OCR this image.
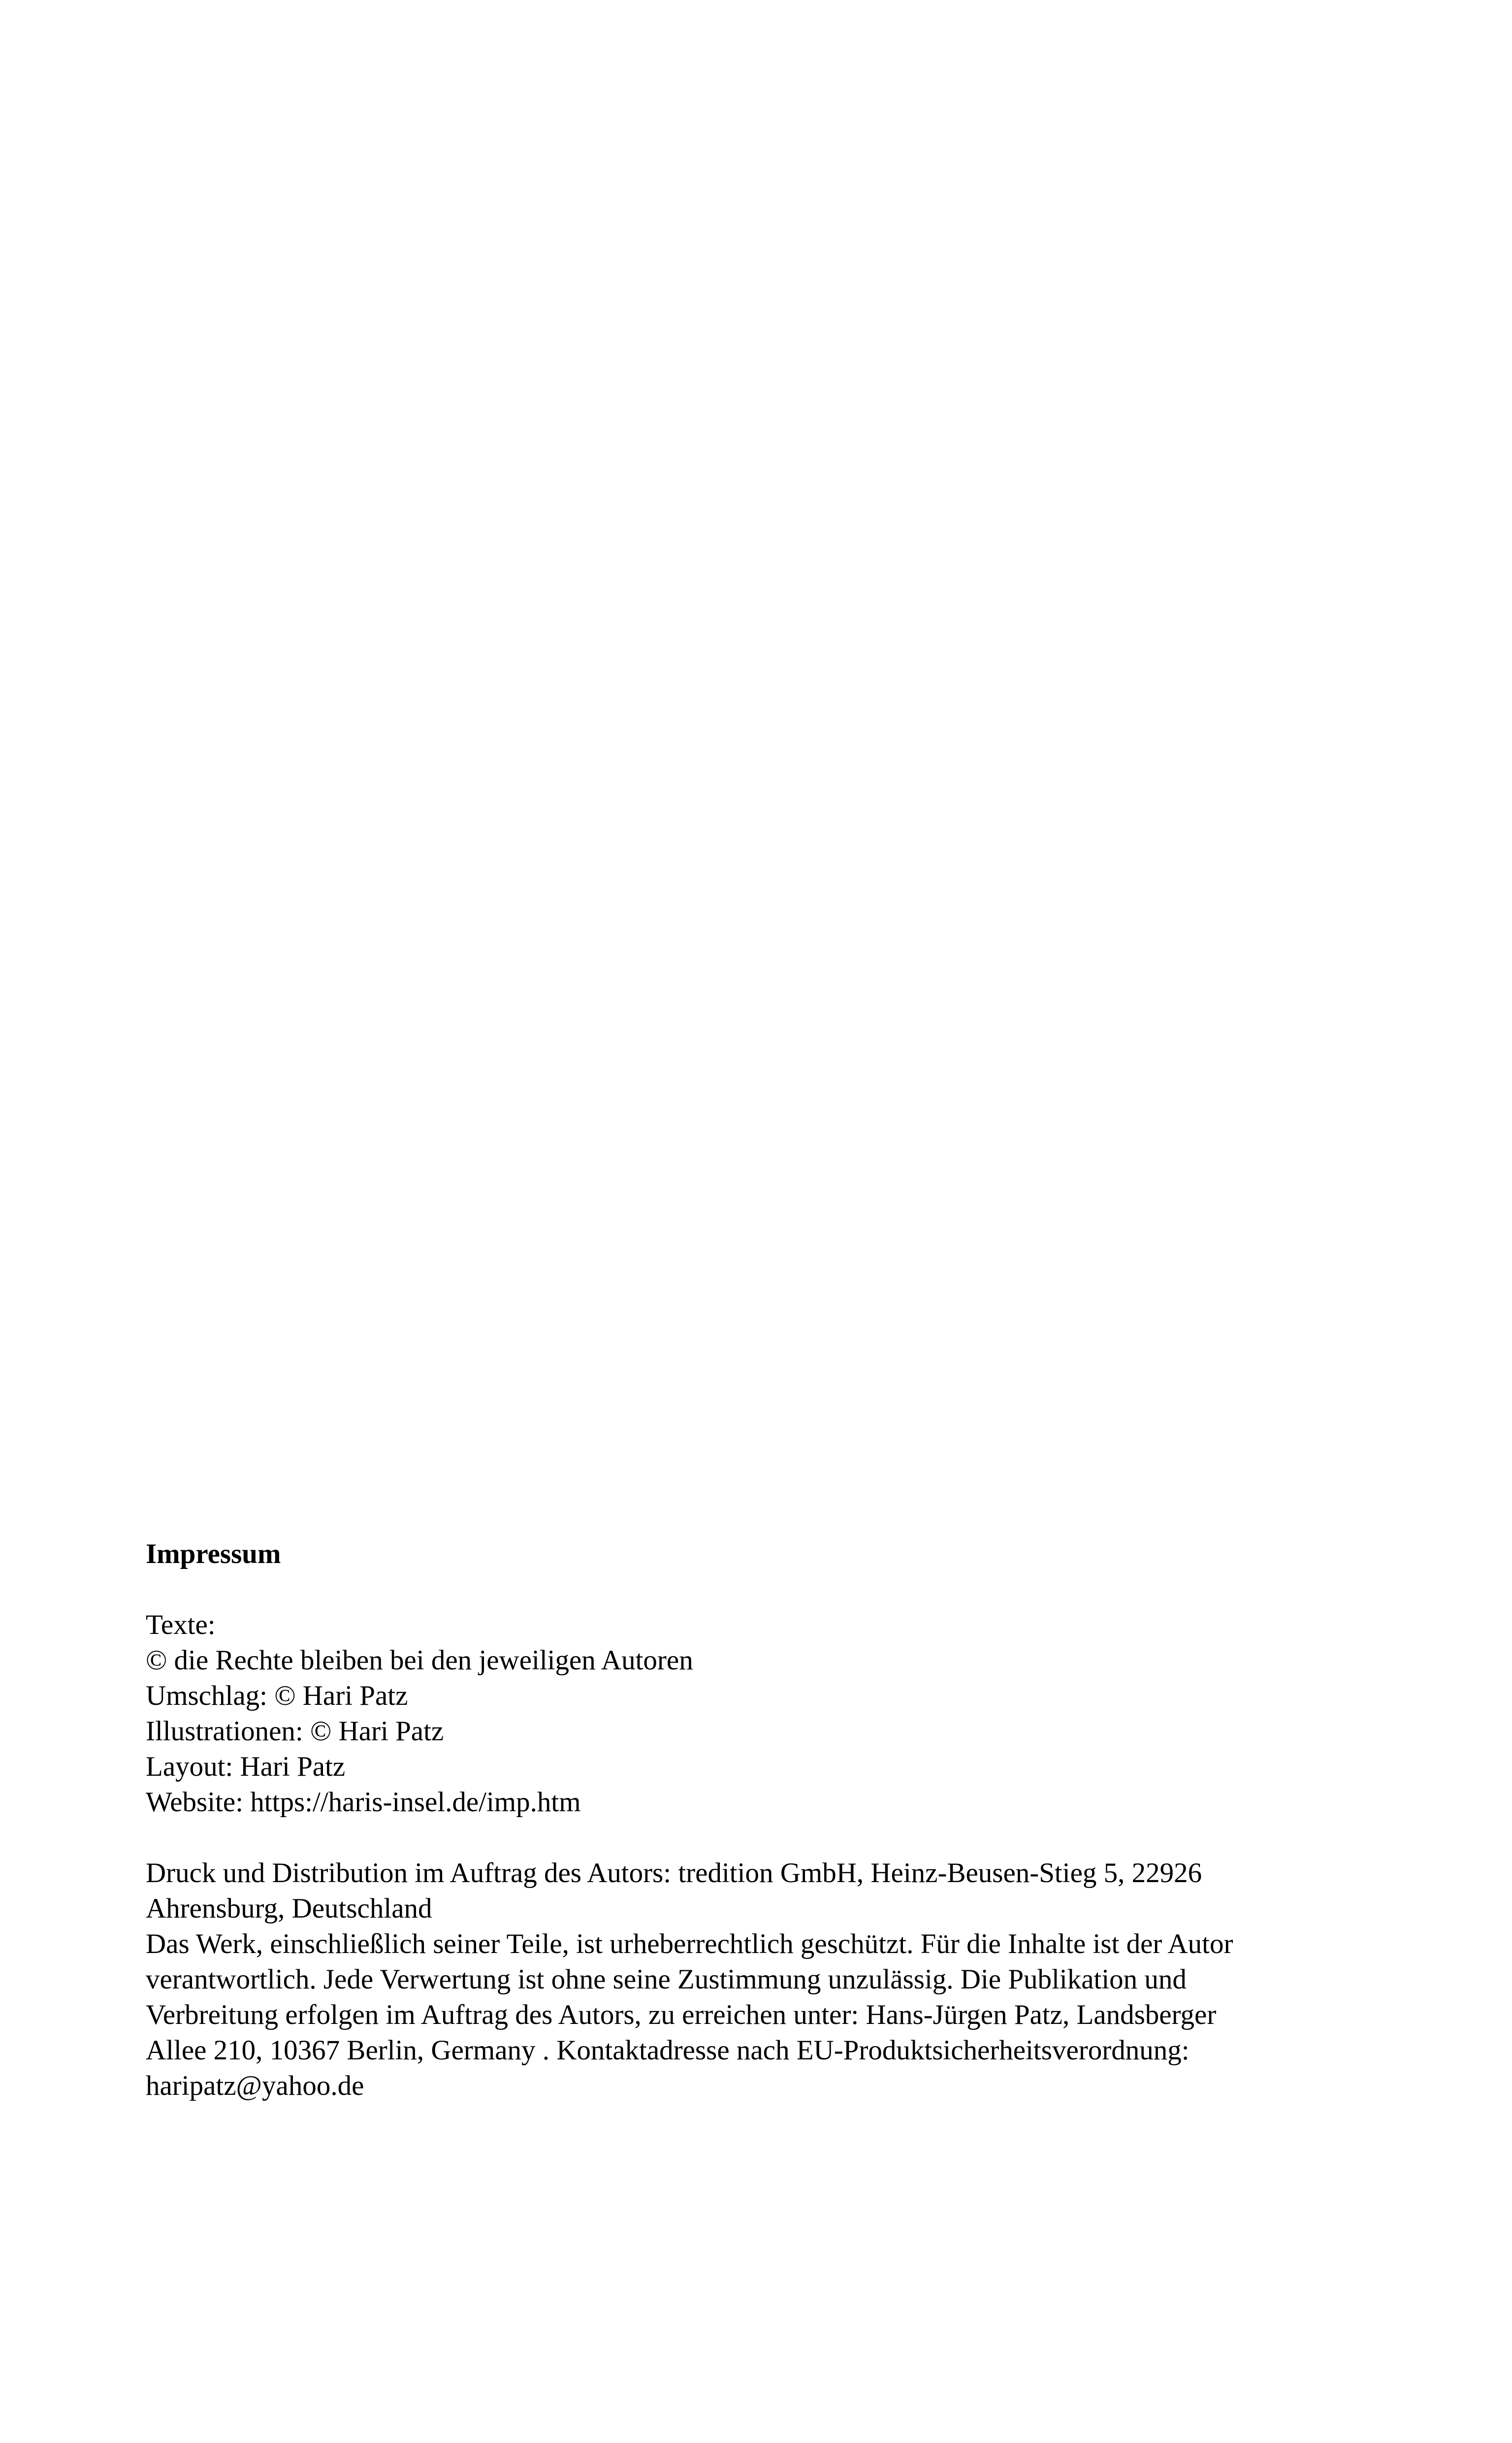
Impressum
Texte:
© die Rechte bleiben bei den jeweiligen Autoren
Umschlag: © Hari Patz
Illustrationen: © Hari Patz
Layout: Hari Patz
Website: https://haris-insel.de/imp.htm
Druck und Distribution im Auftrag des Autors: tredition GmbH, Heinz-Beusen-Stieg 5, 22926
Ahrensburg, Deutschland
Das Werk, einschließlich seiner Teile, ist urheberrechtlich geschützt. Für die Inhalte ist der Autor
verantwortlich. Jede Verwertung ist ohne seine Zustimmung unzulässig. Die Publikation und
Verbreitung erfolgen im Auftrag des Autors, zu erreichen unter: Hans-Jürgen Patz, Landsberger
Allee 210, 10367 Berlin, Germany . Kontaktadresse nach EU-Produktsicherheitsverordnung:
haripatz@yahoo.de
